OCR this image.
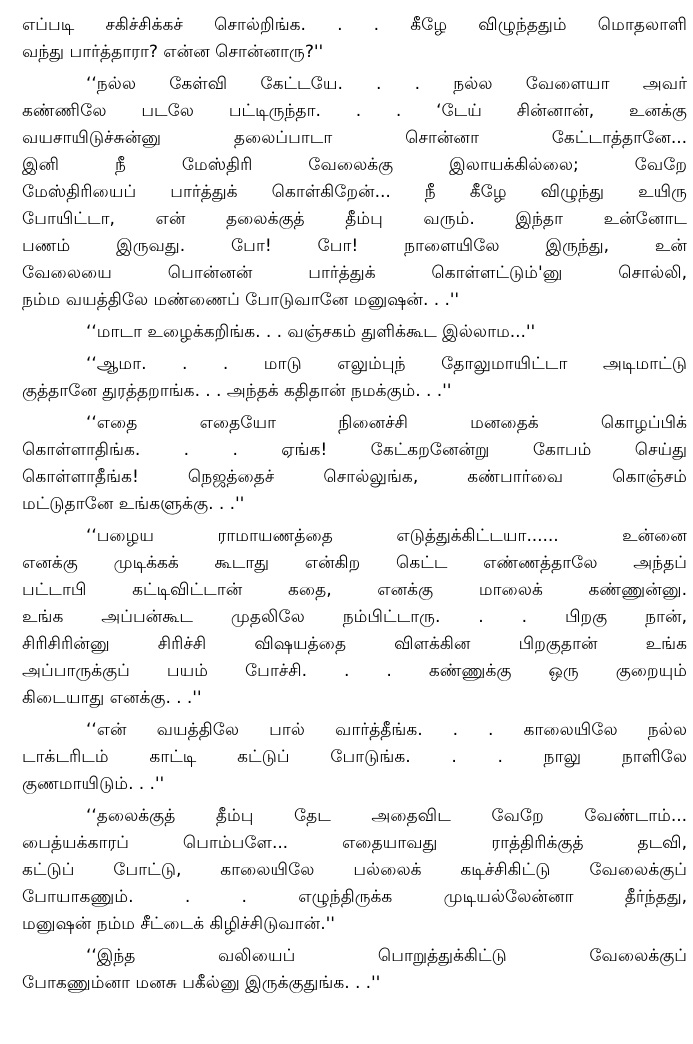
எப்படி சகிச்சிக்கச் சொல்றிங்க. . . கீழே விழுந்ததும் மொதலாளி
வந்து பார்த்தாரா? என்ன சொன்னாரு?''
‘‘நல்ல கேள்வி கேட்டயே. . . நல்ல வேளையா அவர்
கண்ணிலே படலே பட்டிருந்தா. . . ‘டேய் சின்னான், உனக்கு
வயசாயிடுச்சுன்னு தலைப்பாடா சொன்னா கேட்டாத்தானே...
இனி நீ மேஸ்திரி வேலைக்கு இலாயக்கில்லை; வேறே
மேஸ்திரியைப் பார்த்துக் கொள்கிறேன்... நீ கீழே விழுந்து உயிரு
போயிட்டா, என் தலைக்குத் தீம்பு வரும். இந்தா உன்னோட
பணம் இருவது. போ! போ! நாளையிலே இருந்து, உன்
வேலையை பொன்னன் பார்த்துக் கொள்ளட்டும்'னு சொல்லி,
நம்ம வயத்திலே மண்ணைப் போடுவானே மனுஷன். . .''
‘‘மாடா உழைக்கறிங்க. . . வஞ்சகம் துளிக்கூட இல்லாம...''
‘‘ஆமா. . . மாடு எலும்புந் தோலுமாயிட்டா அடிமாட்டு
குத்தானே துரத்தறாங்க. . . அந்தக் கதிதான் நமக்கும். . .''
‘‘எதை எதையோ நினைச்சி மனதைக் கொழப்பிக்
கொள்ளாதிங்க. . . ஏங்க! கேட்கறனேன்று கோபம் செய்து
கொள்ளாதீங்க! நெஜத்தைச் சொல்லுங்க, கண்பார்வை கொஞ்சம்
மட்டுதானே உங்களுக்கு. . .''
‘‘பழைய ராமாயணத்தை எடுத்துக்கிட்டயா...... உன்னை
எனக்கு முடிக்கக் கூடாது என்கிற கெட்ட எண்ணத்தாலே அந்தப்
பட்டாபி கட்டிவிட்டான் கதை, எனக்கு மாலைக் கண்ணுன்னு.
உங்க அப்பன்கூட முதலிலே நம்பிட்டாரு. . . பிறகு நான்,
சிரிசிரின்னு சிரிச்சி விஷயத்தை விளக்கின பிறகுதான் உங்க
அப்பாருக்குப் பயம் போச்சி. . . கண்ணுக்கு ஒரு குறையும்
கிடையாது எனக்கு. . .''
‘‘என் வயத்திலே பால் வார்த்தீங்க. . . காலையிலே நல்ல
டாக்டரிடம் காட்டி கட்டுப் போடுங்க. . . நாலு நாளிலே
குணமாயிடும். . .''
‘‘தலைக்குத் தீம்பு தேட அதைவிட வேறே வேண்டாம்...
பைத்யக்காரப் பொம்பளே... எதையாவது ராத்திரிக்குத் தடவி,
கட்டுப் போட்டு, காலையிலே பல்லைக் கடிச்சிகிட்டு வேலைக்குப்
போயாகணும். . . எழுந்திருக்க முடியல்லேன்னா தீர்ந்தது,
மனுஷன் நம்ம சீட்டைக் கிழிச்சிடுவான்.''
‘‘இந்த வலியைப் பொறுத்துக்கிட்டு வேலைக்குப்
போகணும்னா மனசு பகீல்னு இருக்குதுங்க. . .''
